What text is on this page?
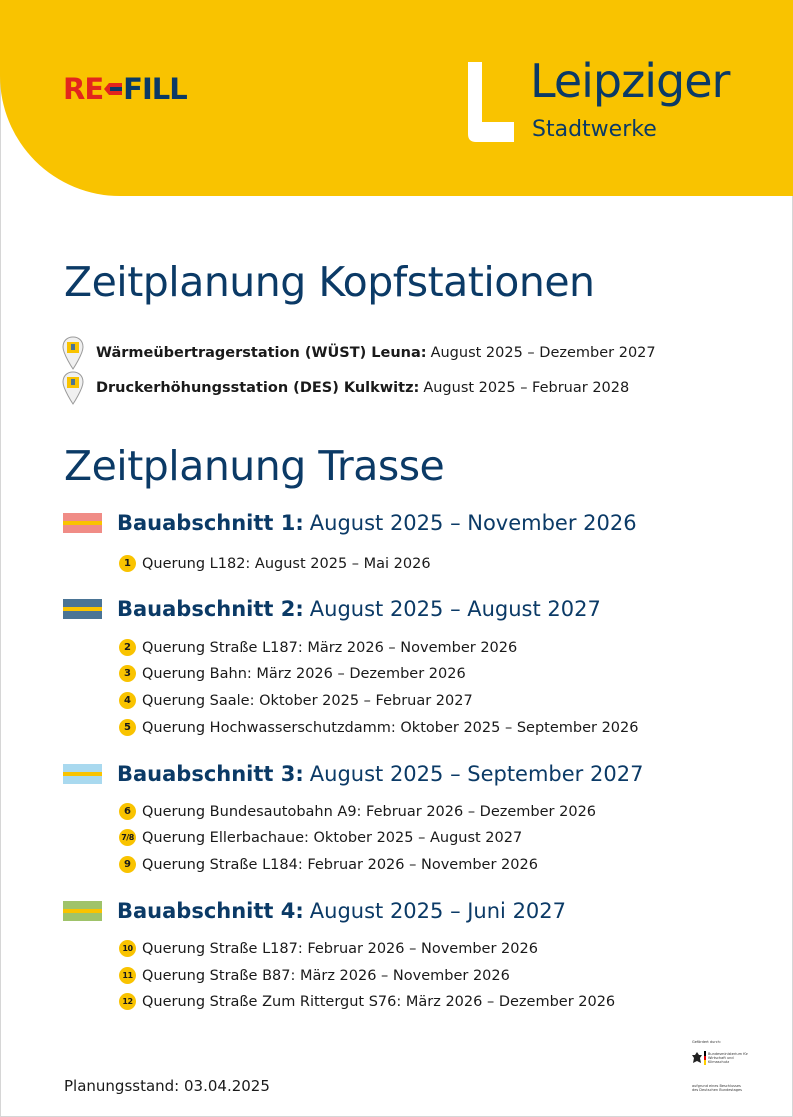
RE FILL	Leipziger
Stadtwerke
Zeitplanung Kopfstationen
Wärmeübertragerstation (WÜST) Leuna: August 2025 – Dezember 2027
Druckerhöhungsstation (DES) Kulkwitz: August 2025 – Februar 2028
Zeitplanung Trasse
Bauabschnitt 1: August 2025 – November 2026
1 Querung L182: August 2025 – Mai 2026
Bauabschnitt 2: August 2025 – August 2027
2 Querung Straße L187: März 2026 – November 2026
3 Querung Bahn: März 2026 – Dezember 2026
4 Querung Saale: Oktober 2025 – Februar 2027
5 Querung Hochwasserschutzdamm: Oktober 2025 – September 2026
Bauabschnitt 3: August 2025 – September 2027
6 Querung Bundesautobahn A9: Februar 2026 – Dezember 2026
7/8 Querung Ellerbachaue: Oktober 2025 – August 2027
9 Querung Straße L184: Februar 2026 – November 2026
Bauabschnitt 4: August 2025 – Juni 2027
10 Querung Straße L187: Februar 2026 – November 2026
11 Querung Straße B87: März 2026 – November 2026
12 Querung Straße Zum Rittergut S76: März 2026 – Dezember 2026
Planungsstand: 03.04.2025
Gefördert durch:
Bundesministerium für Wirtschaft und Klimaschutz
aufgrund eines Beschlusses des Deutschen Bundestages
